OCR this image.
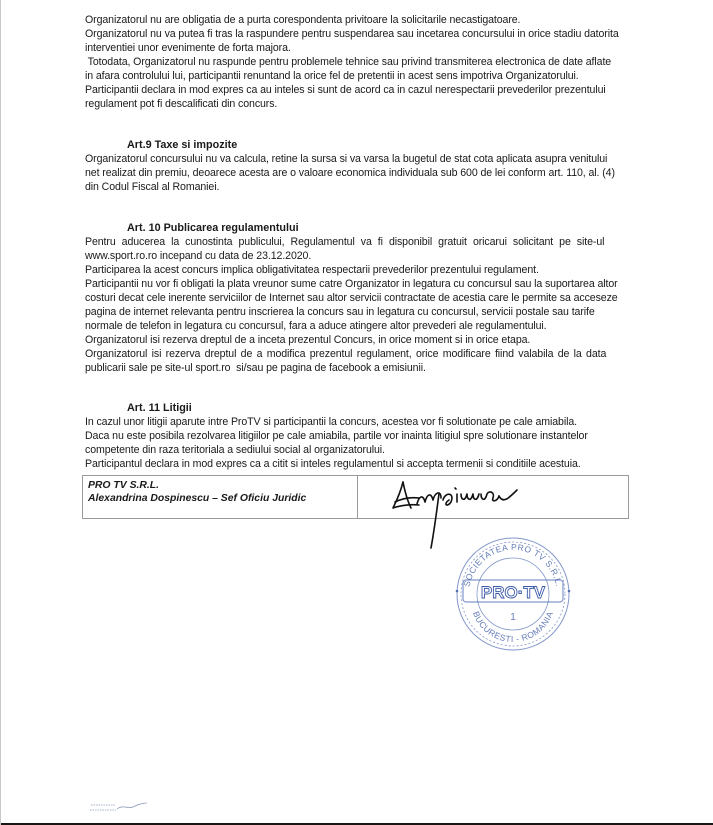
Organizatorul nu are obligatia de a purta corespondenta privitoare la solicitarile necastigatoare.

Organizatorul nu va putea fi tras la raspundere pentru suspendarea sau incetarea concursului in orice stadiu datorita

interventiei unor evenimente de forta majora.

Totodata, Organizatorul nu raspunde pentru problemele tehnice sau privind transmiterea electronica de date aflate

in afara controlului lui, participantii renuntand la orice fel de pretentii in acest sens impotriva Organizatorului.

Participantii declara in mod expres ca au inteles si sunt de acord ca in cazul nerespectarii prevederilor prezentului

regulament pot fi descalificati din concurs.

Art.9 Taxe si impozite

Organizatorul concursului nu va calcula, retine la sursa si va varsa la bugetul de stat cota aplicata asupra venitului

net realizat din premiu, deoarece acesta are o valoare economica individuala sub 600 de lei conform art. 110, al. (4)

din Codul Fiscal al Romaniei.

Art. 10 Publicarea regulamentului

Pentru aducerea la cunostinta publicului, Regulamentul va fi disponibil gratuit oricarui solicitant pe site-ul

www.sport.ro.ro incepand cu data de 23.12.2020.

Participarea la acest concurs implica obligativitatea respectarii prevederilor prezentului regulament.

Participantii nu vor fi obligati la plata vreunor sume catre Organizator in legatura cu concursul sau la suportarea altor

costuri decat cele inerente serviciilor de Internet sau altor servicii contractate de acestia care le permite sa acceseze

pagina de internet relevanta pentru inscrierea la concurs sau in legatura cu concursul, servicii postale sau tarife

normale de telefon in legatura cu concursul, fara a aduce atingere altor prevederi ale regulamentului.

Organizatorul isi rezerva dreptul de a inceta prezentul Concurs, in orice moment si in orice etapa.

Organizatorul isi rezerva dreptul de a modifica prezentul regulament, orice modificare fiind valabila de la data

publicarii sale pe site-ul sport.ro  si/sau pe pagina de facebook a emisiunii.

Art. 11 Litigii

In cazul unor litigii aparute intre ProTV si participantii la concurs, acestea vor fi solutionate pe cale amiabila.

Daca nu este posibila rezolvarea litigiilor pe cale amiabila, partile vor inainta litigiul spre solutionare instantelor

competente din raza teritoriala a sediului social al organizatorului.

Participantul declara in mod expres ca a citit si inteles regulamentul si accepta termenii si conditiile acestuia.

PRO TV S.R.L.
Alexandrina Dospinescu – Sef Oficiu Juridic
SOCIETATEA PRO TV S.R.L.
BUCURESTI - ROMANIA
PRO·TV
1
